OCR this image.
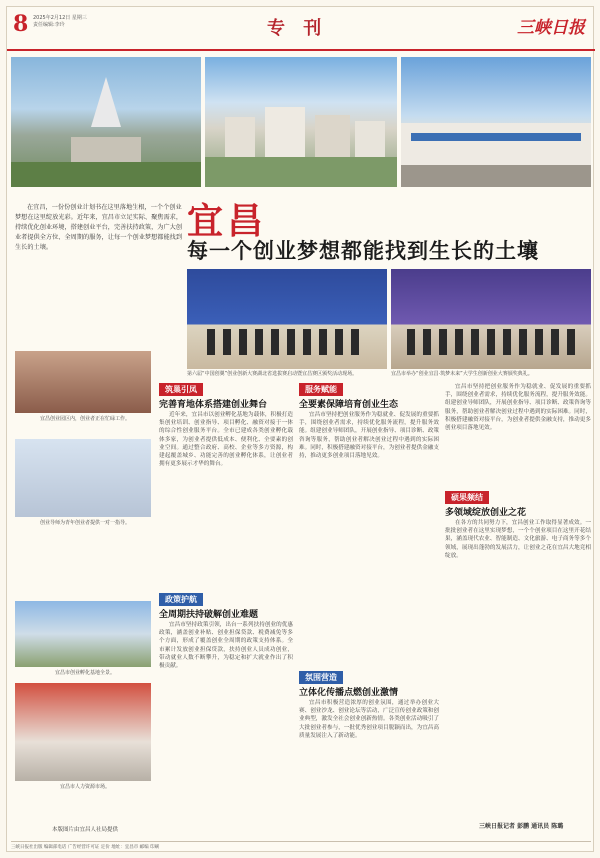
8 2025年2月12日 星期三
责任编辑:李玲	专 刊	三峡日报
在宜昌，一份份创业计划书在这里落地生根，一个个创业梦想在这里绽放光彩。近年来，宜昌市立足实际、聚焦需求，持续优化创业环境，搭建创业平台，完善扶持政策，为广大创业者提供全方位、全周期的服务，让每一个创业梦想都能找到生长的土壤。
宜昌
每一个创业梦想都能找到生长的土壤
第六届“中国创翼”创业创新大赛湖北省选拔赛启动暨宜昌赛区颁奖活动现场。	宜昌市举办“创业宜昌·筑梦未来”大学生创新创业大赛颁奖典礼。
宜昌创业园区内，创业者正在忙碌工作。
创业导师为青年创业者提供一对一指导。
宜昌市创业孵化基地全景。
宜昌市人力资源市场。
本版图片由宜昌人社局提供
筑巢引凤
完善育地体系搭建创业舞台
近年来，宜昌市以创业孵化基地为载体，积极打造集创业培训、创业指导、项目孵化、融资对接于一体的综合性创业服务平台。全市已建成各类创业孵化载体多家，为创业者提供低成本、便利化、全要素的创业空间。通过整合政府、高校、企业等多方资源，构建起覆盖城乡、功能完善的创业孵化体系，让创业者拥有更多展示才华的舞台。
政策护航
全周期扶持破解创业难题
宜昌市坚持政策引领，出台一系列扶持创业的优惠政策，涵盖创业补贴、创业担保贷款、税费减免等多个方面，形成了覆盖创业全周期的政策支持体系。全市累计发放创业担保贷款，扶持创业人员成功创业，带动就业人数不断攀升，为稳定和扩大就业作出了积极贡献。
服务赋能
全要素保障培育创业生态
宜昌市坚持把创业服务作为稳就业、促发展的重要抓手，围绕创业者需求，持续优化服务流程，提升服务效能。组建创业导师团队，开展创业指导、项目诊断、政策咨询等服务，帮助创业者解决创业过程中遇到的实际困难。同时，积极搭建融资对接平台，为创业者提供金融支持，推动更多创业项目落地见效。
氛围营造
立体化传播点燃创业激情
宜昌市积极营造浓厚的创业氛围，通过举办创业大赛、创业沙龙、创业论坛等活动，广泛宣传创业政策和创业典型，激发全社会创业创新热情。各类创业活动吸引了大批创业者参与，一批优秀创业项目脱颖而出，为宜昌高质量发展注入了新动能。
宜昌市坚持把创业服务作为稳就业、促发展的重要抓手，围绕创业者需求，持续优化服务流程，提升服务效能。组建创业导师团队，开展创业指导、项目诊断、政策咨询等服务，帮助创业者解决创业过程中遇到的实际困难。同时，积极搭建融资对接平台，为创业者提供金融支持，推动更多创业项目落地见效。
硕果频结
多领域绽放创业之花
在各方的共同努力下，宜昌创业工作取得显著成效。一批批创业者在这里实现梦想，一个个创业项目在这里开花结果，涵盖现代农业、智能制造、文化旅游、电子商务等多个领域，展现出蓬勃的发展活力，让创业之花在宜昌大地竞相绽放。
三峡日报记者 彭鹏 通讯员 陈璐
三峡日报社出版 编辑部电话 广告经营许可证 定价 地址：宜昌市 邮编 印刷
